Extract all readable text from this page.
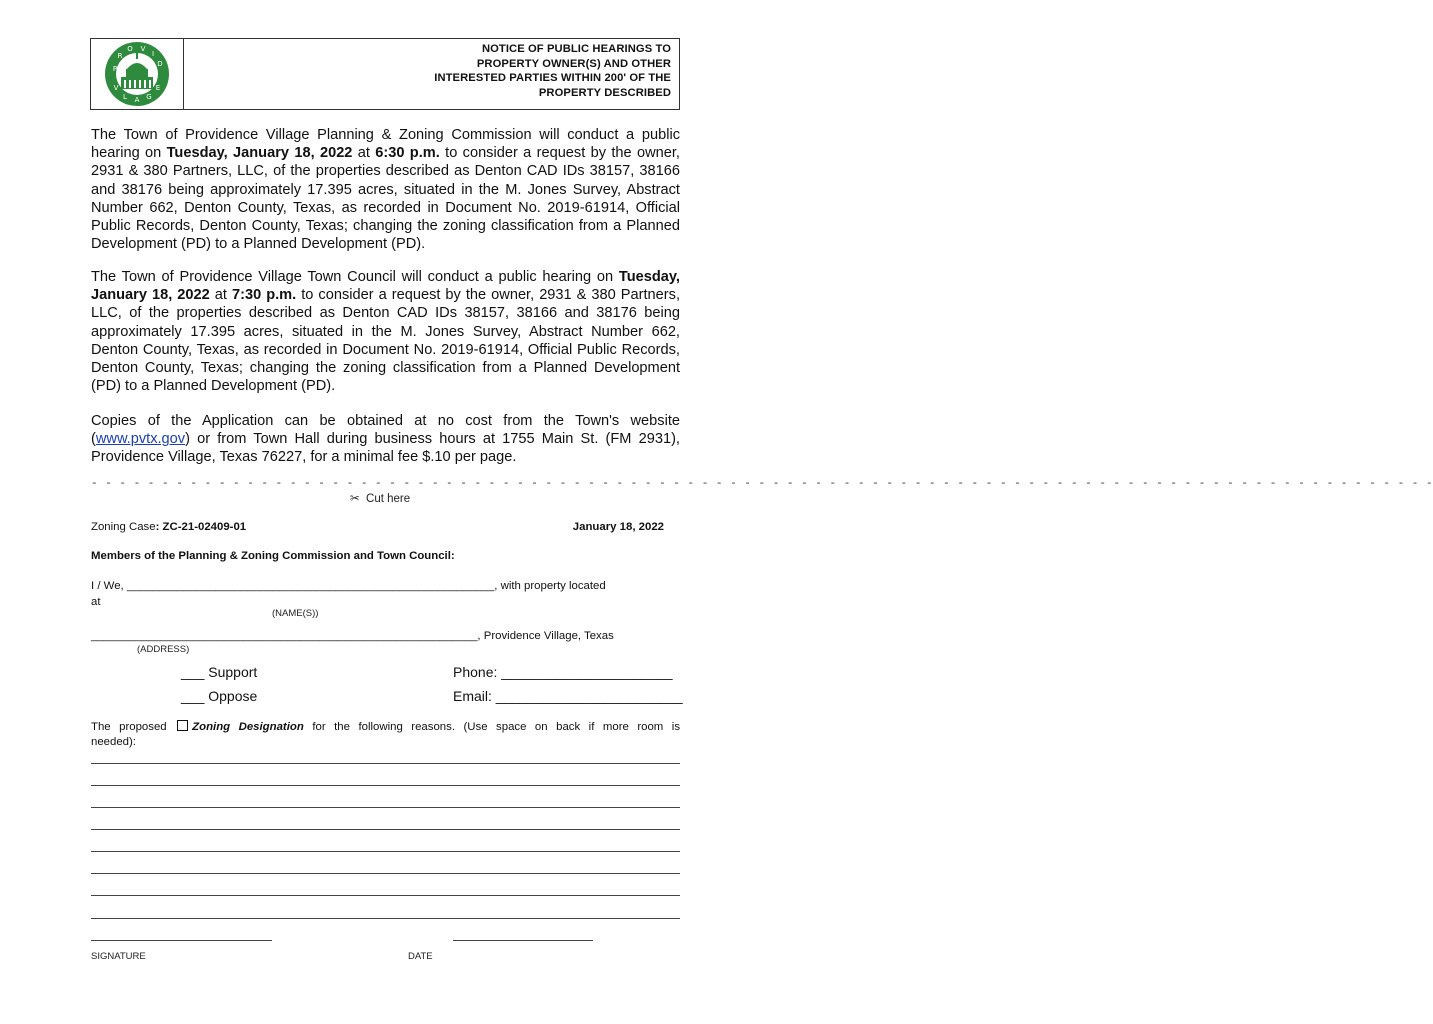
P
R
O V
I
D
V
L A G
E
NOTICE OF PUBLIC HEARINGS TO
PROPERTY OWNER(S) AND OTHER
INTERESTED PARTIES WITHIN 200' OF THE
PROPERTY DESCRIBED
The Town of Providence Village Planning & Zoning Commission will conduct a public hearing on Tuesday, January 18, 2022 at 6:30 p.m. to consider a request by the owner, 2931 & 380 Partners, LLC, of the properties described as Denton CAD IDs 38157, 38166 and 38176 being approximately 17.395 acres, situated in the M. Jones Survey, Abstract Number 662, Denton County, Texas, as recorded in Document No. 2019-61914, Official Public Records, Denton County, Texas; changing the zoning classification from a Planned Development (PD) to a Planned Development (PD).
The Town of Providence Village Town Council will conduct a public hearing on Tuesday, January 18, 2022 at 7:30 p.m. to consider a request by the owner, 2931 & 380 Partners, LLC, of the properties described as Denton CAD IDs 38157, 38166 and 38176 being approximately 17.395 acres, situated in the M. Jones Survey, Abstract Number 662, Denton County, Texas, as recorded in Document No. 2019-61914, Official Public Records, Denton County, Texas; changing the zoning classification from a Planned Development (PD) to a Planned Development (PD).
Copies of the Application can be obtained at no cost from the Town's website (www.pvtx.gov) or from Town Hall during business hours at 1755 Main St. (FM 2931), Providence Village, Texas 76227, for a minimal fee $.10 per page.
- - - - - - - - - - - - - - - - - - - - - - - - - - - - - - - - - - - - - - - - - - - - - - - - - - - - - - - - - - - - - - - - - - - - - - - - - - - - - - - - - - - - - - - - - - - - - - -
✂ Cut here
Zoning Case: ZC-21-02409-01	January 18, 2022
Members of the Planning & Zoning Commission and Town Council:
I / We, __________________________________________________________, with property located
at
(NAME(S))
_____________________________________________________________, Providence Village, Texas
(ADDRESS)
___ Support
___ Oppose
Phone: ______________________
Email: ________________________
The proposed Zoning Designation for the following reasons. (Use space on back if more room is
needed):
SIGNATURE	DATE
